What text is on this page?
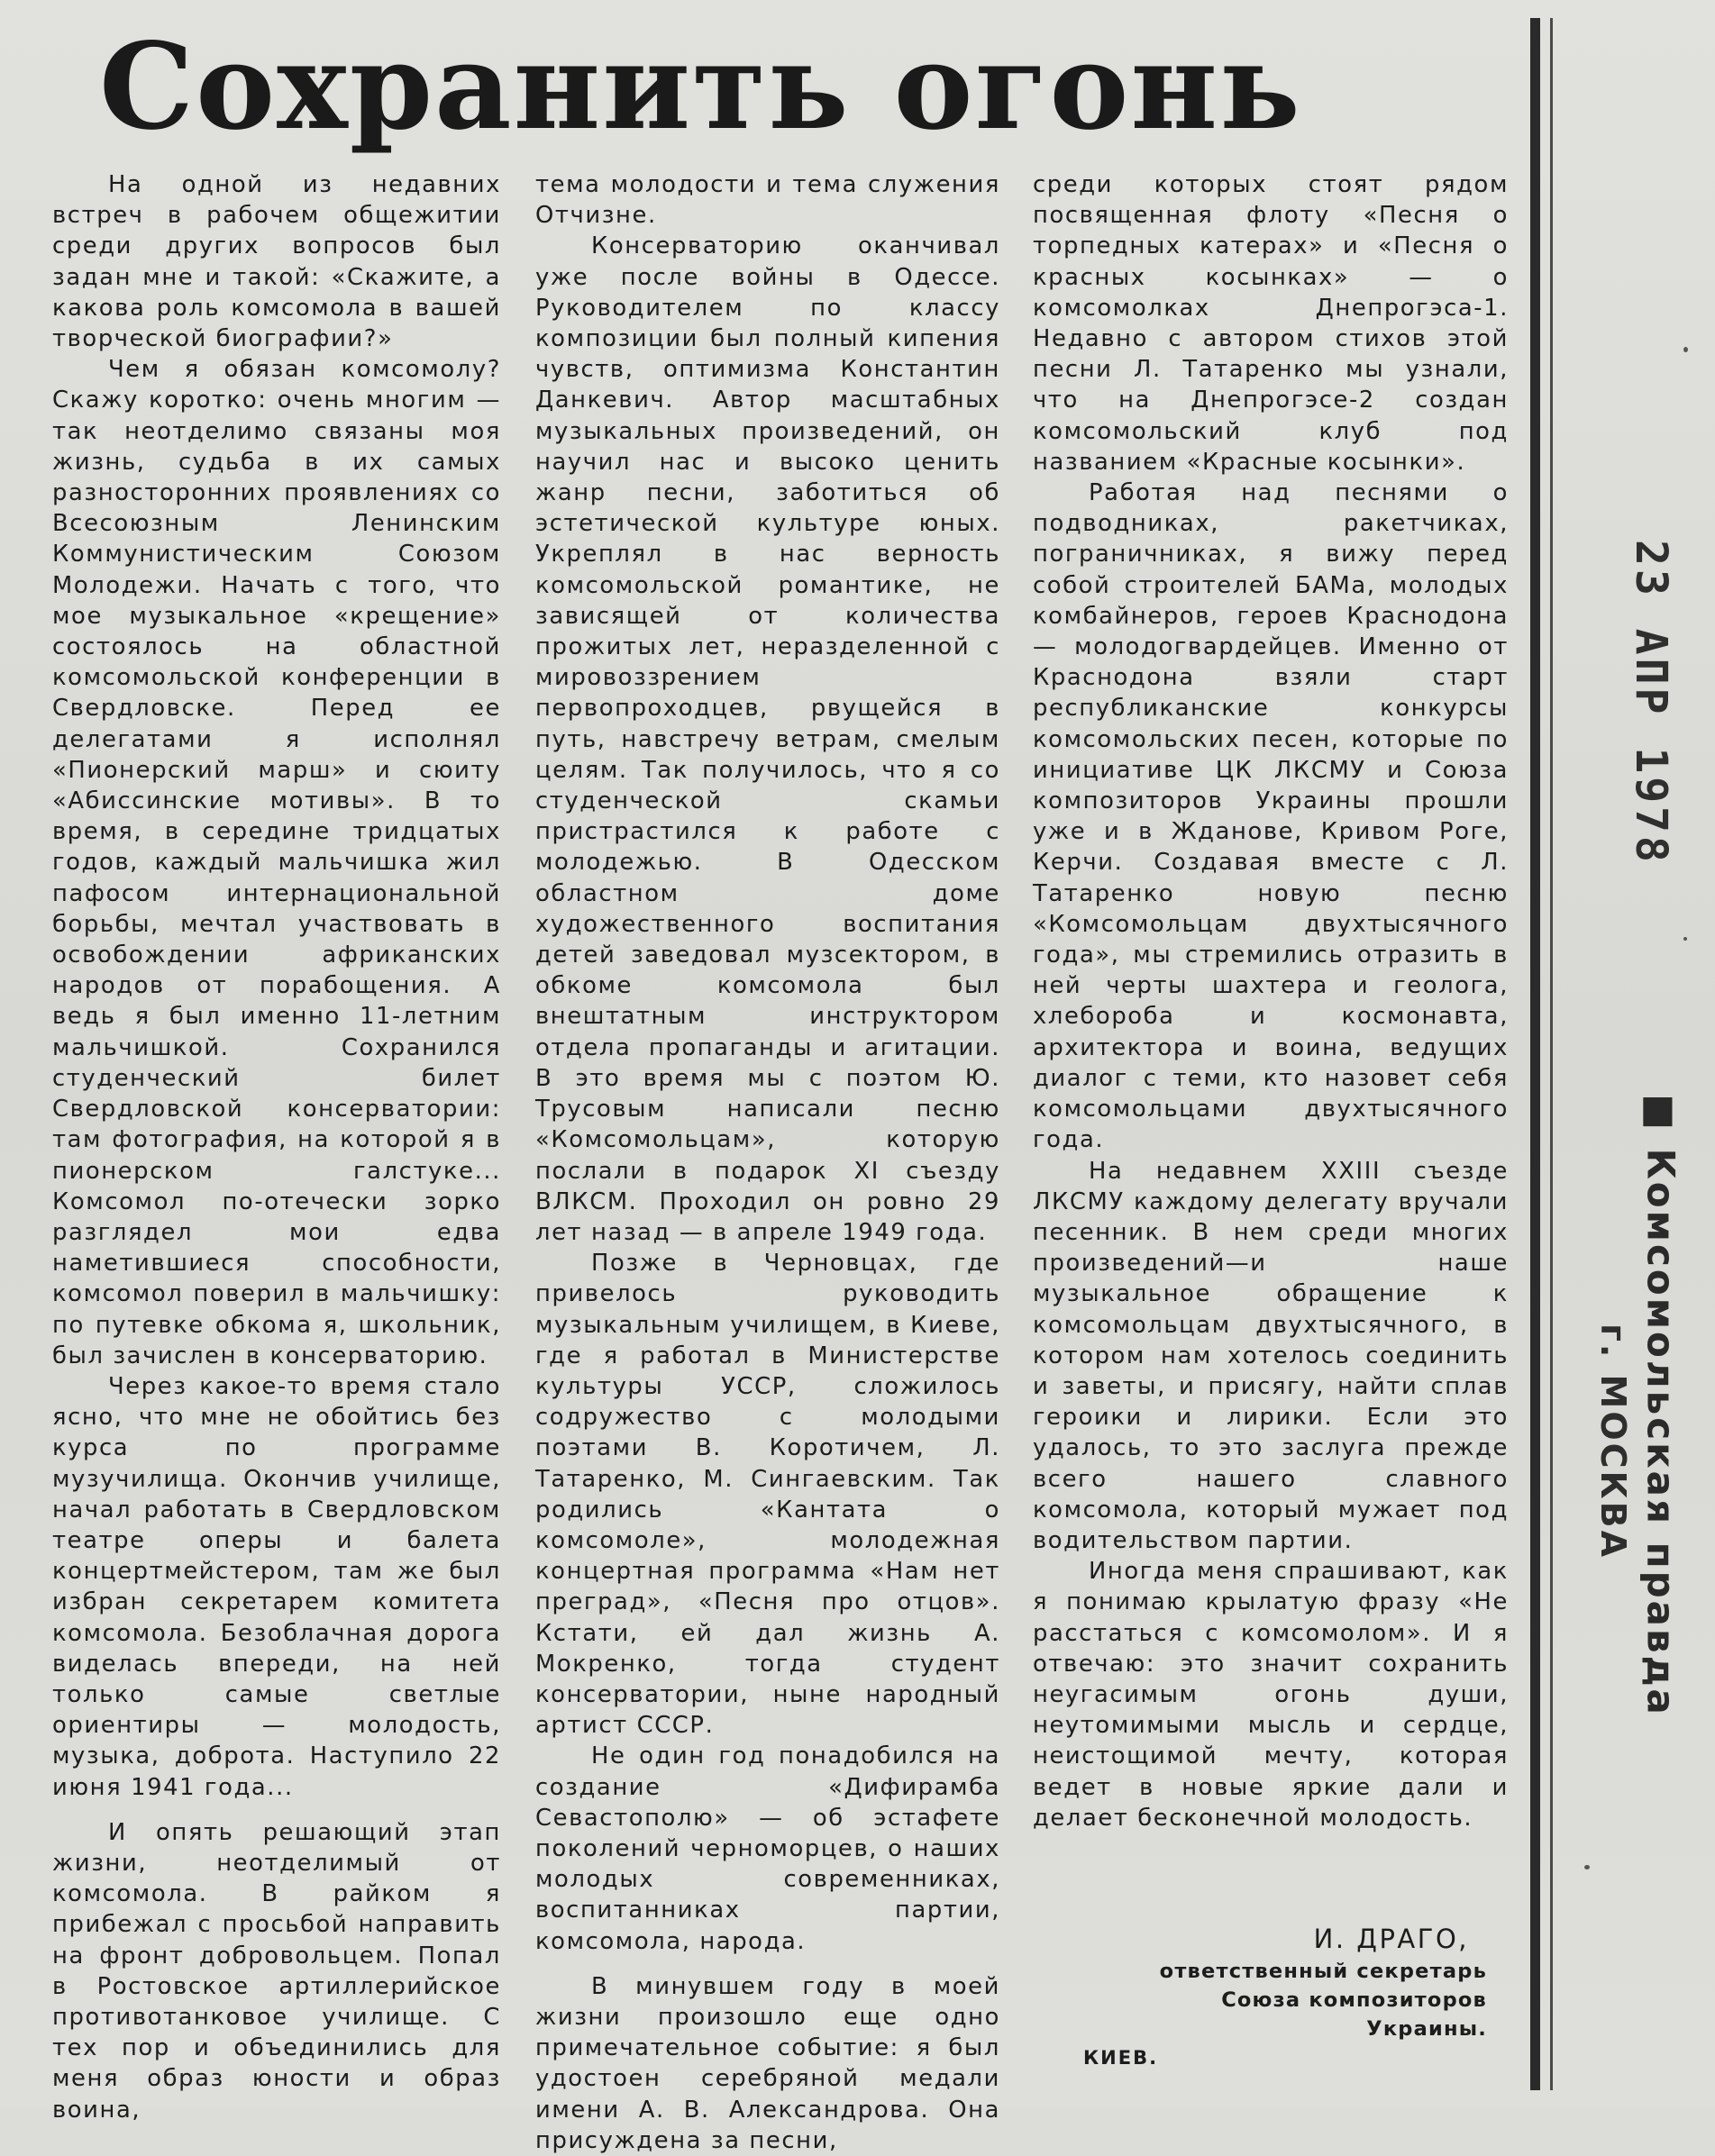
Сохранить огонь

На одной из недавних встреч в рабочем общежитии среди других вопросов был задан мне и такой: «Скажите, а какова роль комсомола в вашей творческой биографии?»

Чем я обязан комсомолу? Скажу коротко: очень многим — так неотделимо связаны моя жизнь, судьба в их самых разносторонних проявлениях со Всесоюзным Ленинским Коммунистическим Союзом Молодежи. Начать с того, что мое музыкальное «крещение» состоялось на областной комсомольской конференции в Свердловске. Перед ее делегатами я исполнял «Пионерский марш» и сюиту «Абиссинские мотивы». В то время, в середине тридцатых годов, каждый мальчишка жил пафосом интернациональной борьбы, мечтал участвовать в освобождении африканских народов от порабощения. А ведь я был именно 11-летним мальчишкой. Сохранился студенческий билет Свердловской консерватории: там фотография, на которой я в пионерском галстуке... Комсомол по-отечески зорко разглядел мои едва наметившиеся способности, комсомол поверил в мальчишку: по путевке обкома я, школьник, был зачислен в консерваторию.

Через какое-то время стало ясно, что мне не обойтись без курса по программе музучилища. Окончив училище, начал работать в Свердловском театре оперы и балета концертмейстером, там же был избран секретарем комитета комсомола. Безоблачная дорога виделась впереди, на ней только самые светлые ориентиры — молодость, музыка, доброта. Наступило 22 июня 1941 года...

И опять решающий этап жизни, неотделимый от комсомола. В райком я прибежал с просьбой направить на фронт добровольцем. Попал в Ростовское артиллерийское противотанковое училище. С тех пор и объединились для меня образ юности и образ воина,

тема молодости и тема служения Отчизне.

Консерваторию оканчивал уже после войны в Одессе. Руководителем по классу композиции был полный кипения чувств, оптимизма Константин Данкевич. Автор масштабных музыкальных произведений, он научил нас и высоко ценить жанр песни, заботиться об эстетической культуре юных. Укреплял в нас верность комсомольской романтике, не зависящей от количества прожитых лет, неразделенной с мировоззрением первопроходцев, рвущейся в путь, навстречу ветрам, смелым целям. Так получилось, что я со студенческой скамьи пристрастился к работе с молодежью. В Одесском областном доме художественного воспитания детей заведовал музсектором, в обкоме комсомола был внештатным инструктором отдела пропаганды и агитации. В это время мы с поэтом Ю. Трусовым написали песню «Комсомольцам», которую послали в подарок XI съезду ВЛКСМ. Проходил он ровно 29 лет назад — в апреле 1949 года.

Позже в Черновцах, где привелось руководить музыкальным училищем, в Киеве, где я работал в Министерстве культуры УССР, сложилось содружество с молодыми поэтами В. Коротичем, Л. Татаренко, М. Сингаевским. Так родились «Кантата о комсомоле», молодежная концертная программа «Нам нет преград», «Песня про отцов». Кстати, ей дал жизнь А. Мокренко, тогда студент консерватории, ныне народный артист СССР.

Не один год понадобился на создание «Дифирамба Севастополю» — об эстафете поколений черноморцев, о наших молодых современниках, воспитанниках партии, комсомола, народа.

В минувшем году в моей жизни произошло еще одно примечательное событие: я был удостоен серебряной медали имени А. В. Александрова. Она присуждена за песни,

среди которых стоят рядом посвященная флоту «Песня о торпедных катерах» и «Песня о красных косынках» — о комсомолках Днепрогэса-1. Недавно с автором стихов этой песни Л. Татаренко мы узнали, что на Днепрогэсе-2 создан комсомольский клуб под названием «Красные косынки».

Работая над песнями о подводниках, ракетчиках, пограничниках, я вижу перед собой строителей БАМа, молодых комбайнеров, героев Краснодона — молодогвардейцев. Именно от Краснодона взяли старт республиканские конкурсы комсомольских песен, которые по инициативе ЦК ЛКСМУ и Союза композиторов Украины прошли уже и в Жданове, Кривом Роге, Керчи. Создавая вместе с Л. Татаренко новую песню «Комсомольцам двухтысячного года», мы стремились отразить в ней черты шахтера и геолога, хлебороба и космонавта, архитектора и воина, ведущих диалог с теми, кто назовет себя комсомольцами двухтысячного года.

На недавнем XXIII съезде ЛКСМУ каждому делегату вручали песенник. В нем среди многих произведений—и наше музыкальное обращение к комсомольцам двухтысячного, в котором нам хотелось соединить и заветы, и присягу, найти сплав героики и лирики. Если это удалось, то это заслуга прежде всего нашего славного комсомола, который мужает под водительством партии.

Иногда меня спрашивают, как я понимаю крылатую фразу «Не расстаться с комсомолом». И я отвечаю: это значит сохранить неугасимым огонь души, неутомимыми мысль и сердце, неистощимой мечту, которая ведет в новые яркие дали и делает бесконечной молодость.

И. ДРАГО,
ответственный секретарь
Союза композиторов
Украины.
КИЕВ.
23 АПР 1978
■ Комсомольская правда
г. МОСКВА
